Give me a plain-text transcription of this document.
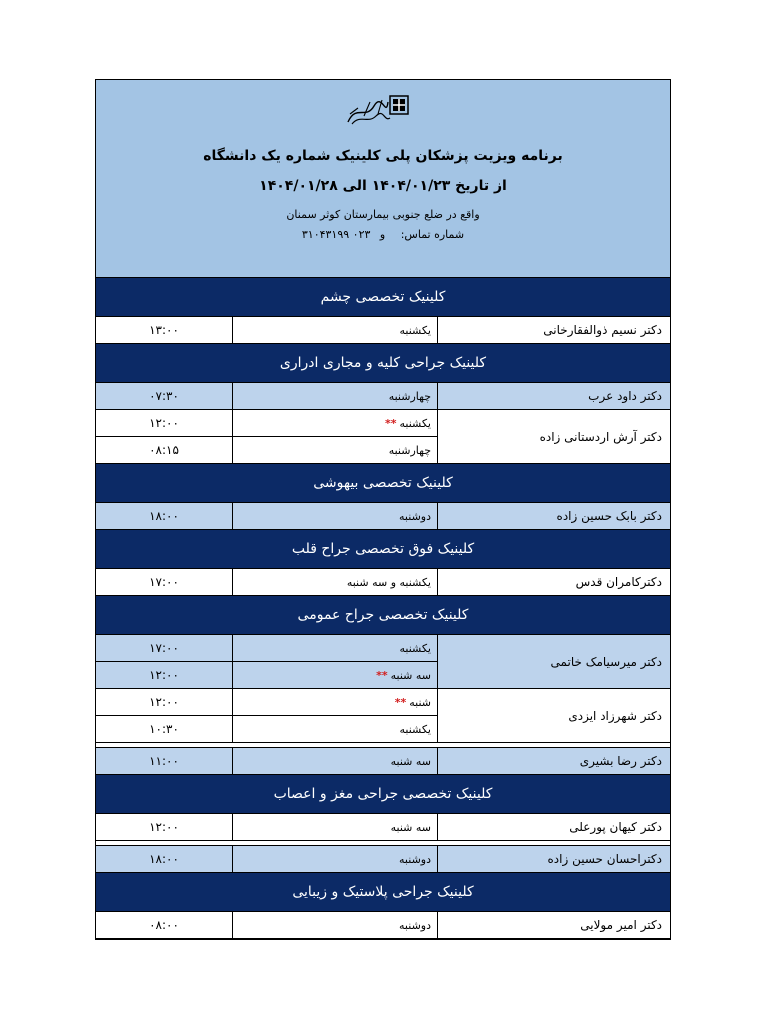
برنامه ویزیت پزشکان پلی کلینیک شماره یک دانشگاه
از تاریخ ۱۴۰۴/۰۱/۲۳ الی ۱۴۰۴/۰۱/۲۸
واقع در ضلع جنوبی بیمارستان کوثر سمنان
شماره تماس: و ۰۲۳ ۳۱۰۴۳۱۹۹
کلینیک تخصصی چشم
دکتر نسیم ذوالفقارخانی
یکشنبه
۱۳:۰۰
کلینیک جراحی کلیه و مجاری ادراری
دکتر داود عرب
چهارشنبه
۰۷:۳۰
دکتر آرش اردستانی زاده
یکشنبه
**
۱۲:۰۰
چهارشنبه
۰۸:۱۵
کلینیک تخصصی بیهوشی
دکتر بابک حسین زاده
دوشنبه
۱۸:۰۰
کلینیک فوق تخصصی جراح قلب
دکترکامران قدس
یکشنبه و سه شنبه
۱۷:۰۰
کلینیک تخصصی جراح عمومی
دکتر میرسیامک خاتمی
یکشنبه
۱۷:۰۰
سه شنبه
**
۱۲:۰۰
دکتر شهرزاد ایزدی
شنبه
**
۱۲:۰۰
یکشنبه
۱۰:۳۰
دکتر رضا بشیری
سه شنبه
۱۱:۰۰
کلینیک تخصصی جراحی مغز و اعصاب
دکتر کیهان پورعلی
سه شنبه
۱۲:۰۰
دکتراحسان حسین زاده
دوشنبه
۱۸:۰۰
کلینیک جراحی پلاستیک و زیبایی
دکتر امیر مولایی
دوشنبه
۰۸:۰۰
